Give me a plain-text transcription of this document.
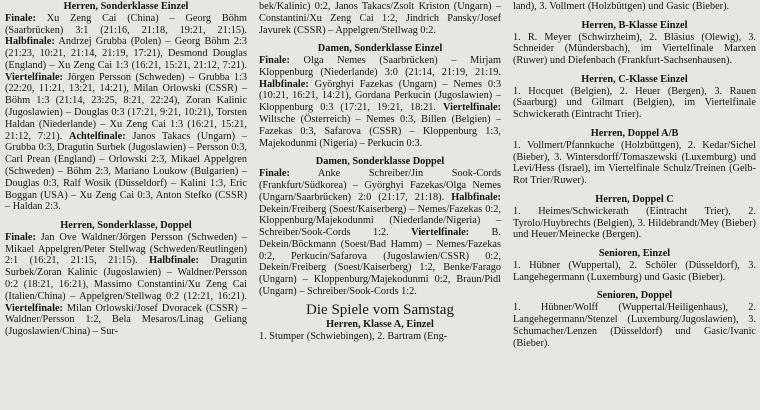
Herren, Sonderklasse Einzel

Finale: Xu Zeng Cai (China) – Georg Böhm (Saarbrücken) 3:1 (21:16, 21:18, 19:21, 21:15). Halbfinale: Andrzej Grubba (Polen) – Georg Böhm 2:3 (21:23, 10:21, 21:14, 21:19, 17:21), Desmond Douglas (England) – Xu Zeng Cai 1:3 (16:21, 15:21, 21:12, 7:21). Viertelfinale: Jörgen Persson (Schweden) – Grubba 1:3 (22:20, 11:21, 13:21, 14:21), Milan Orlowski (CSSR) – Böhm 1:3 (21:14, 23:25, 8:21, 22:24), Zoran Kalinic (Jugoslawien) – Douglas 0:3 (17:21, 9:21, 10:21), Torsten Haldan (Niederlande) – Xu Zeng Cai 1:3 (16:21, 15:21, 21:12, 7:21). Achtelfinale: Janos Takacs (Ungarn) – Grubba 0:3, Dragutin Surbek (Jugoslawien) – Persson 0:3, Carl Prean (England) – Orlowski 2:3, Mikael Appelgren (Schweden) – Böhm 2:3, Mariano Loukow (Bulgarien) – Douglas 0:3, Ralf Wosik (Düsseldorf) – Kalini 1:3, Eric Boggan (USA) – Xu Zeng Cai 0:3, Anton Stefko (CSSR) – Haldan 2:3.

Herren, Sonderklasse, Doppel

Finale: Jan Ove Waldner/Jörgen Persson (Schweden) – Mikael Appelgren/Peter Stellwag (Schweden/Reutlingen) 2:1 (16:21, 21:15, 21:15). Halbfinale: Dragutin Surbek/Zoran Kalinic (Jugoslawien) – Waldner/Persson 0:2 (18:21, 16:21), Massimo Constantini/Xu Zeng Cai (Italien/China) – Appelgren/Stellwag 0:2 (12:21, 16:21). Viertelfinale: Milan Orlowski/Josef Dvoracek (CSSR) – Waldner/Persson 1:2, Bela Mesaros/Linag Geliang (Jugoslawien/China) – Sur-

bek/Kalinic) 0:2, Janos Takacs/Zsolt Kriston (Ungarn) – Constantini/Xu Zeng Cai 1:2, Jindrich Pansky/Josef Javurek (CSSR) – Appelgren/Stellwag 0:2.

Damen, Sonderklasse Einzel

Finale: Olga Nemes (Saarbrücken) – Mirjam Kloppenburg (Niederlande) 3:0 (21:14, 21:19, 21:19. Halbfinale: Györghyi Fazekas (Ungarn) – Nemes 0:3 (10:21, 16:21, 14:21), Gordana Perkucin (Jugoslawien) – Kloppenburg 0:3 (17:21, 19:21, 18:21. Viertelfinale: Wiltsche (Österreich) – Nemes 0:3, Billen (Belgien) – Fazekas 0:3, Safarova (CSSR) – Kloppenburg 1:3, Majekodunmi (Nigeria) – Perkucin 0:3.

Damen, Sonderklasse Doppel

Finale: Anke Schreiber/Jin Sook-Cords (Frankfurt/Südkorea) – Györghyi Fazekas/Olga Nemes (Ungarn/Saarbrücken) 2:0 (21:17, 21:18). Halbfinale: Dekein/Freiberg (Soest/Kaiserberg) – Nemes/Fazekas 0:2, Kloppenburg/Majekodunmi (Niederlande/Nigeria) – Schreiber/Sook-Cords 1:2. Viertelfinale: B. Dekein/Böckmann (Soest/Bad Hamm) – Nemes/Fazekas 0:2, Perkucin/Safarova (Jugoslawien/CSSR) 0:2, Dekein/Freiberg (Soest/Kaiserberg) 1:2, Benke/Farago (Ungarn) – Kloppenburg/Majekodunmi 0:2, Braun/Pidl (Ungarn) – Schreiber/Sook-Cords 1:2.

Die Spiele vom Samstag
Herren, Klasse A, Einzel

1. Stumper (Schwiebingen), 2. Bartram (Eng-

land), 3. Vollmert (Holzbüttgen) und Gasic (Bieber).

Herren, B-Klasse Einzel

1. R. Meyer (Schwirzheim), 2. Bläsius (Olewig), 3. Schneider (Mündersbach), im Viertelfinale Marxen (Ruwer) und Diefenbach (Frankfurt-Sachsenhausen).

Herren, C-Klasse Einzel

1. Hocquet (Belgien), 2. Heuer (Bergen), 3. Rauen (Saarburg) und Gilmart (Belgien), im Viertelfinale Schwickerath (Eintracht Trier).

Herren, Doppel A/B

1. Vollmert/Pfannkuche (Holzbüttgen), 2. Kedar/Sichel (Bieber), 3. Wintersdorff/Tomaszewski (Luxemburg) und Levi/Hess (Israel), im Viertelfinale Schulz/Treinen (Gelb-Rot Trier/Ruwer).

Herren, Doppel C

1. Heimes/Schwickerath (Eintracht Trier), 2. Tyrolo/Huybrechts (Belgien), 3. Hildebrandt/Mey (Bieber) und Heuer/Meinecke (Bergen).

Senioren, Einzel

1. Hübner (Wuppertal), 2. Schöler (Düsseldorf), 3. Langehegermann (Luxemburg) und Gasic (Bieber).

Senioren, Doppel

1. Hübner/Wolff (Wuppertal/Heiligenhaus), 2. Langehegermann/Stenzel (Luxemburg/Jugoslawien), 3. Schumacher/Lenzen (Düsseldorf) und Gasic/Ivanic (Bieber).
